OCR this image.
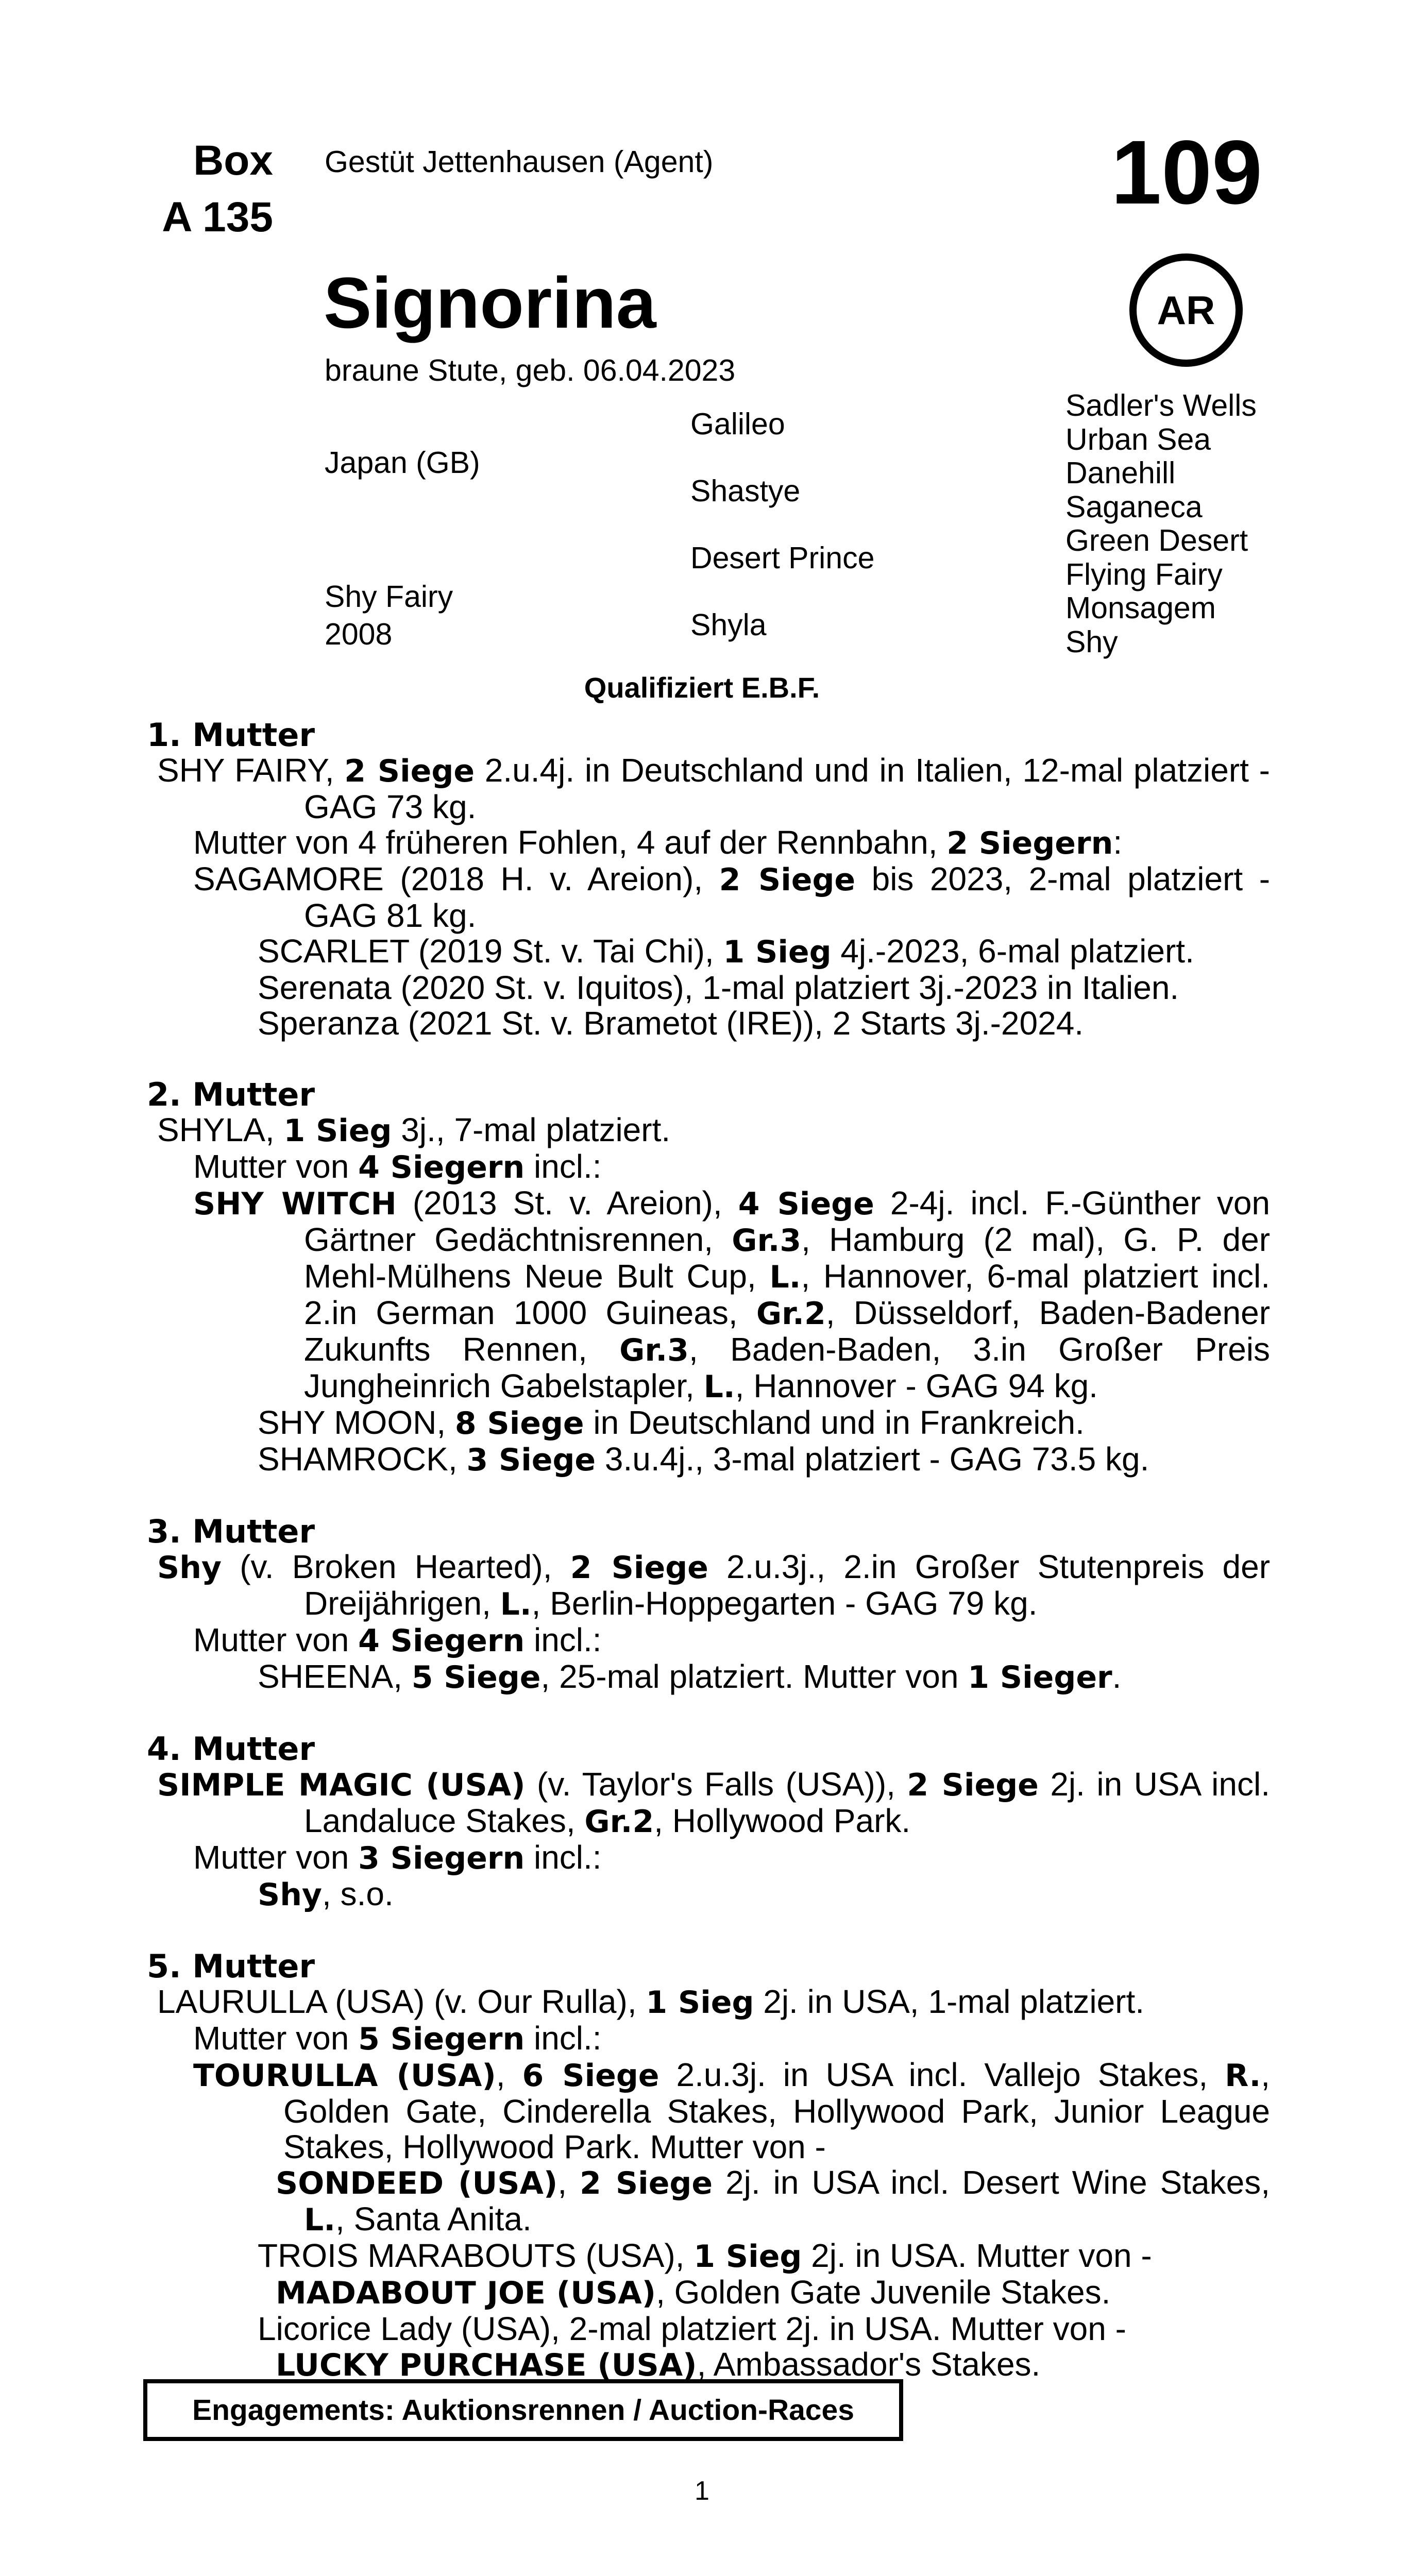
Box
A 135
Gestüt Jettenhausen (Agent)	109
AR
Signorina
braune Stute, geb. 06.04.2023
Japan (GB)
Shy Fairy
2008
Galileo
Shastye
Desert Prince
Shyla
Sadler's Wells
Urban Sea
Danehill
Saganeca
Green Desert
Flying Fairy
Monsagem
Shy
Qualifiziert E.B.F.

1. Mutter

SHY FAIRY, 2 Siege 2.u.4j. in Deutschland und in Italien, 12-mal platziert - GAG 73 kg.

Mutter von 4 früheren Fohlen, 4 auf der Rennbahn, 2 Siegern:

SAGAMORE (2018 H. v. Areion), 2 Siege bis 2023, 2-mal platziert - GAG 81 kg.

SCARLET (2019 St. v. Tai Chi), 1 Sieg 4j.-2023, 6-mal platziert.

Serenata (2020 St. v. Iquitos), 1-mal platziert 3j.-2023 in Italien.

Speranza (2021 St. v. Brametot (IRE)), 2 Starts 3j.-2024.

2. Mutter

SHYLA, 1 Sieg 3j., 7-mal platziert.

Mutter von 4 Siegern incl.:

SHY WITCH (2013 St. v. Areion), 4 Siege 2-4j. incl. F.-Günther von Gärtner Gedächtnisrennen, Gr.3, Hamburg (2 mal), G. P. der Mehl-Mülhens Neue Bult Cup, L., Hannover, 6-mal platziert incl. 2.in German 1000 Guineas, Gr.2, Düsseldorf, Baden-Badener Zukunfts Rennen, Gr.3, Baden-Baden, 3.in Großer Preis Jungheinrich Gabelstapler, L., Hannover - GAG 94 kg.

SHY MOON, 8 Siege in Deutschland und in Frankreich.

SHAMROCK, 3 Siege 3.u.4j., 3-mal platziert - GAG 73.5 kg.

3. Mutter

Shy (v. Broken Hearted), 2 Siege 2.u.3j., 2.in Großer Stutenpreis der Dreijährigen, L., Berlin-Hoppegarten - GAG 79 kg.

Mutter von 4 Siegern incl.:

SHEENA, 5 Siege, 25-mal platziert. Mutter von 1 Sieger.

4. Mutter

SIMPLE MAGIC (USA) (v. Taylor's Falls (USA)), 2 Siege 2j. in USA incl. Landaluce Stakes, Gr.2, Hollywood Park.

Mutter von 3 Siegern incl.:

Shy, s.o.

5. Mutter

LAURULLA (USA) (v. Our Rulla), 1 Sieg 2j. in USA, 1-mal platziert.

Mutter von 5 Siegern incl.:

TOURULLA (USA), 6 Siege 2.u.3j. in USA incl. Vallejo Stakes, R., Golden Gate, Cinderella Stakes, Hollywood Park, Junior League Stakes, Hollywood Park. Mutter von -

SONDEED (USA), 2 Siege 2j. in USA incl. Desert Wine Stakes, L., Santa Anita.

TROIS MARABOUTS (USA), 1 Sieg 2j. in USA. Mutter von -

MADABOUT JOE (USA), Golden Gate Juvenile Stakes.

Licorice Lady (USA), 2-mal platziert 2j. in USA. Mutter von -

LUCKY PURCHASE (USA), Ambassador's Stakes.

Engagements: Auktionsrennen / Auction-Races
1
